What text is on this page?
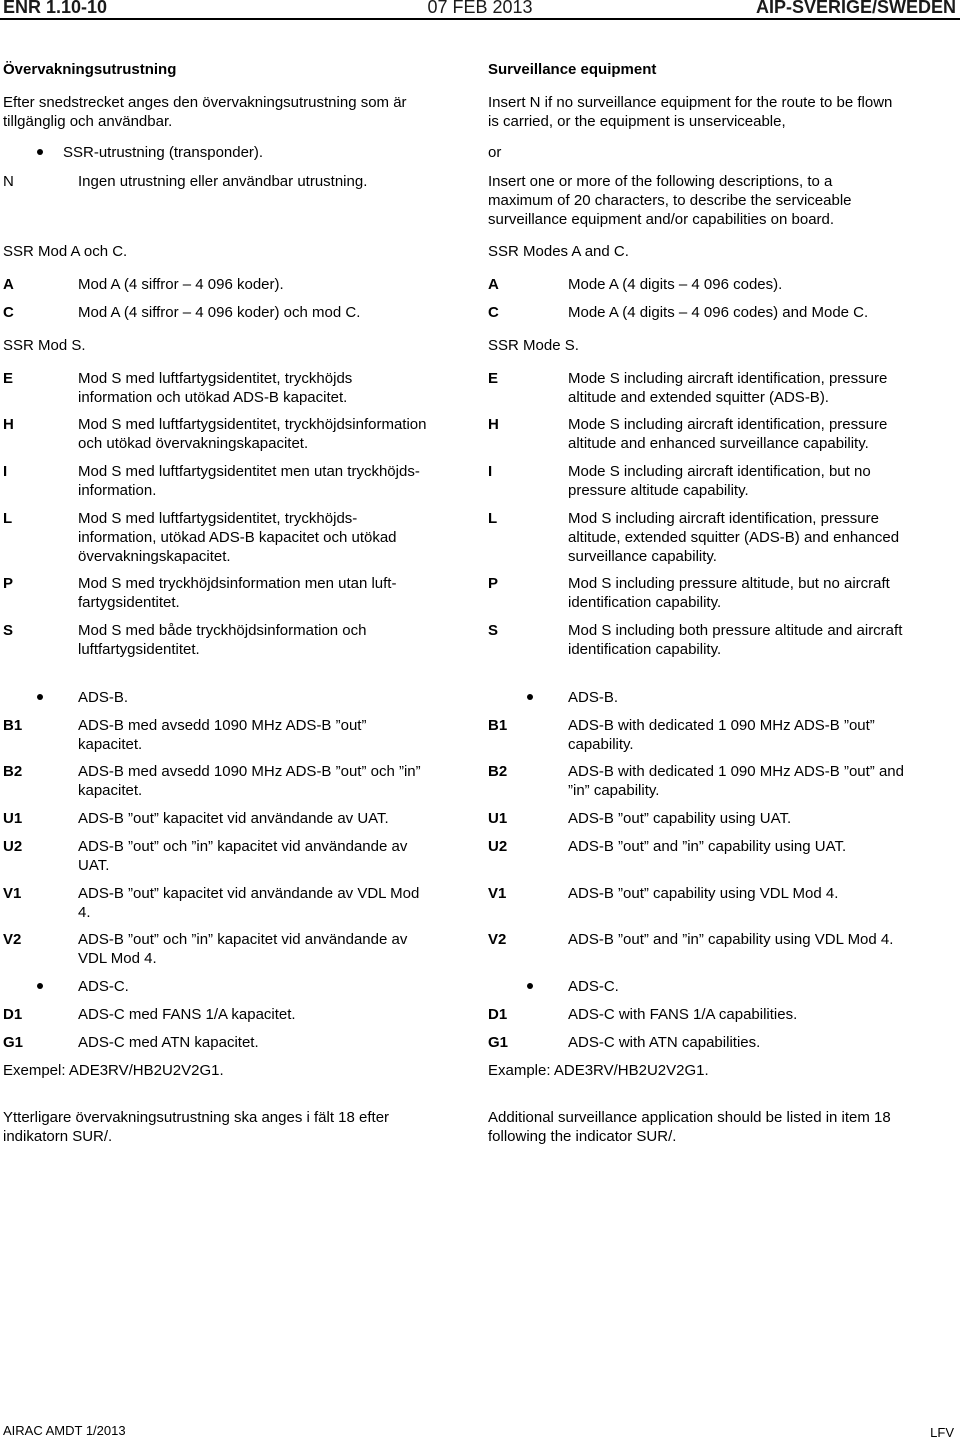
07 FEB 2013
ENR 1.10-10	AIP-SVERIGE/SWEDEN
Övervakningsutrustning
Efter snedstrecket anges den övervakningsutrustning som är
tillgänglig och användbar.
SSR-utrustning (transponder).
N	Ingen utrustning eller användbar utrustning.
SSR Mod A och C.
A	Mod A (4 siffror – 4 096 koder).
C	Mod A (4 siffror – 4 096 koder) och mod C.
SSR Mod S.
E	Mod S med luftfartygsidentitet, tryckhöjds
information och utökad ADS-B kapacitet.
H	Mod S med luftfartygsidentitet, tryckhöjdsinformation
och utökad övervakningskapacitet.
I	Mod S med luftfartygsidentitet men utan tryckhöjds-
information.
L	Mod S med luftfartygsidentitet, tryckhöjds-
information, utökad ADS-B kapacitet och utökad
övervakningskapacitet.
P	Mod S med tryckhöjdsinformation men utan luft-
fartygsidentitet.
S	Mod S med både tryckhöjdsinformation och
luftfartygsidentitet.
ADS-B.
B1	ADS-B med avsedd 1090 MHz ADS-B ”out”
kapacitet.
B2	ADS-B med avsedd 1090 MHz ADS-B ”out” och ”in”
kapacitet.
U1	ADS-B ”out” kapacitet vid användande av UAT.
U2	ADS-B ”out” och ”in” kapacitet vid användande av
UAT.
V1	ADS-B ”out” kapacitet vid användande av VDL Mod
4.
V2	ADS-B ”out” och ”in” kapacitet vid användande av
VDL Mod 4.
ADS-C.
D1	ADS-C med FANS 1/A kapacitet.
G1	ADS-C med ATN kapacitet.
Exempel: ADE3RV/HB2U2V2G1.
Ytterligare övervakningsutrustning ska anges i fält 18 efter
indikatorn SUR/.
Surveillance equipment
Insert N if no surveillance equipment for the route to be flown
is carried, or the equipment is unserviceable,
or
Insert one or more of the following descriptions, to a
maximum of 20 characters, to describe the serviceable
surveillance equipment and/or capabilities on board.
SSR Modes A and C.
A	Mode A (4 digits – 4 096 codes).
C	Mode A (4 digits – 4 096 codes) and Mode C.
SSR Mode S.
E	Mode S including aircraft identification, pressure
altitude and extended squitter (ADS-B).
H	Mode S including aircraft identification, pressure
altitude and enhanced surveillance capability.
I	Mode S including aircraft identification, but no
pressure altitude capability.
L	Mod S including aircraft identification, pressure
altitude, extended squitter (ADS-B) and enhanced
surveillance capability.
P	Mod S including pressure altitude, but no aircraft
identification capability.
S	Mod S including both pressure altitude and aircraft
identification capability.
ADS-B.
B1	ADS-B with dedicated 1 090 MHz ADS-B ”out”
capability.
B2	ADS-B with dedicated 1 090 MHz ADS-B ”out” and
”in” capability.
U1	ADS-B ”out” capability using UAT.
U2	ADS-B ”out” and ”in” capability using UAT.
V1	ADS-B ”out” capability using VDL Mod 4.
V2	ADS-B ”out” and ”in” capability using VDL Mod 4.
ADS-C.
D1	ADS-C with FANS 1/A capabilities.
G1	ADS-C with ATN capabilities.
Example: ADE3RV/HB2U2V2G1.
Additional surveillance application should be listed in item 18
following the indicator SUR/.
AIRAC AMDT 1/2013	LFV
